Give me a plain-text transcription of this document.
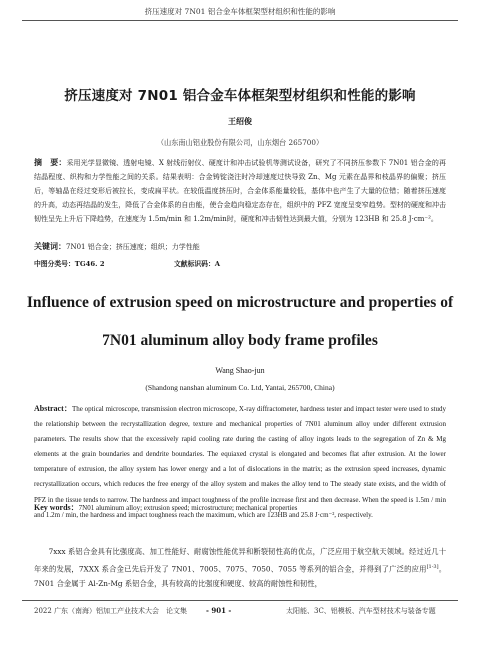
挤压速度对 7N01 铝合金车体框架型材组织和性能的影响
挤压速度对 7N01 铝合金车体框架型材组织和性能的影响
王绍俊
（山东南山铝业股份有限公司，山东烟台 265700）
摘　要：采用光学显微镜、透射电镜、X 射线衍射仪、硬度计和冲击试验机等测试设备，研究了不同挤压参数下 7N01 铝合金的再结晶程度、织构和力学性能之间的关系。结果表明：合金铸锭浇注时冷却速度过快导致 Zn、Mg 元素在晶界和枝晶界的偏聚；挤压后，等轴晶在经过变形后被拉长，变成扁平状。在较低温度挤压时，合金体系能量较低，基体中也产生了大量的位错；随着挤压速度的升高，动态再结晶的发生，降低了合金体系的自由能，使合金趋向稳定态存在，组织中的 PFZ 宽度呈变窄趋势。型材的硬度和冲击韧性呈先上升后下降趋势，在速度为 1.5m/min 和 1.2m/min时，硬度和冲击韧性达到最大值，分别为 123HB 和 25.8 J·cm⁻²。
关键词：7N01 铝合金；挤压速度；组织；力学性能
中图分类号：TG46. 2	文献标识码：A
Influence of extrusion speed on microstructure and properties of 7N01 aluminum alloy body frame profiles
Wang Shao-jun
(Shandong nanshan aluminum Co. Ltd, Yantai, 265700, China)
Abstract：The optical microscope, transmission electron microscope, X-ray diffractometer, hardness tester and impact tester were used to study the relationship between the recrystallization degree, texture and mechanical properties of 7N01 aluminum alloy under different extrusion parameters. The results show that the excessively rapid cooling rate during the casting of alloy ingots leads to the segregation of Zn & Mg elements at the grain boundaries and dendrite boundaries. The equiaxed crystal is elongated and becomes flat after extrusion. At the lower temperature of extrusion, the alloy system has lower energy and a lot of dislocations in the matrix; as the extrusion speed increases, dynamic recrystallization occurs, which reduces the free energy of the alloy system and makes the alloy tend to The steady state exists, and the width of PFZ in the tissue tends to narrow. The hardness and impact toughness of the profile increase first and then decrease. When the speed is 1.5m / min and 1.2m / min, the hardness and impact toughness reach the maximum, which are 123HB and 25.8 J·cm⁻², respectively.
Key words：7N01 aluminum alloy; extrusion speed; microstructure; mechanical properties
7xxx 系铝合金具有比强度高、加工性能好、耐腐蚀性能优异和断裂韧性高的优点，广泛应用于航空航天领域。经过近几十年来的发展，7XXX 系合金已先后开发了 7N01、7005、7075、7050、7055 等系列的铝合金，并得到了广泛的应用[1-3]。7N01 合金属于 Al-Zn-Mg 系铝合金，具有较高的比强度和硬度、较高的耐蚀性和韧性，
2022 广东（南海）铝加工产业技术大会　论文集	- 901 -	太阳能、3C、铝模板、汽车型材技术与装备专题
